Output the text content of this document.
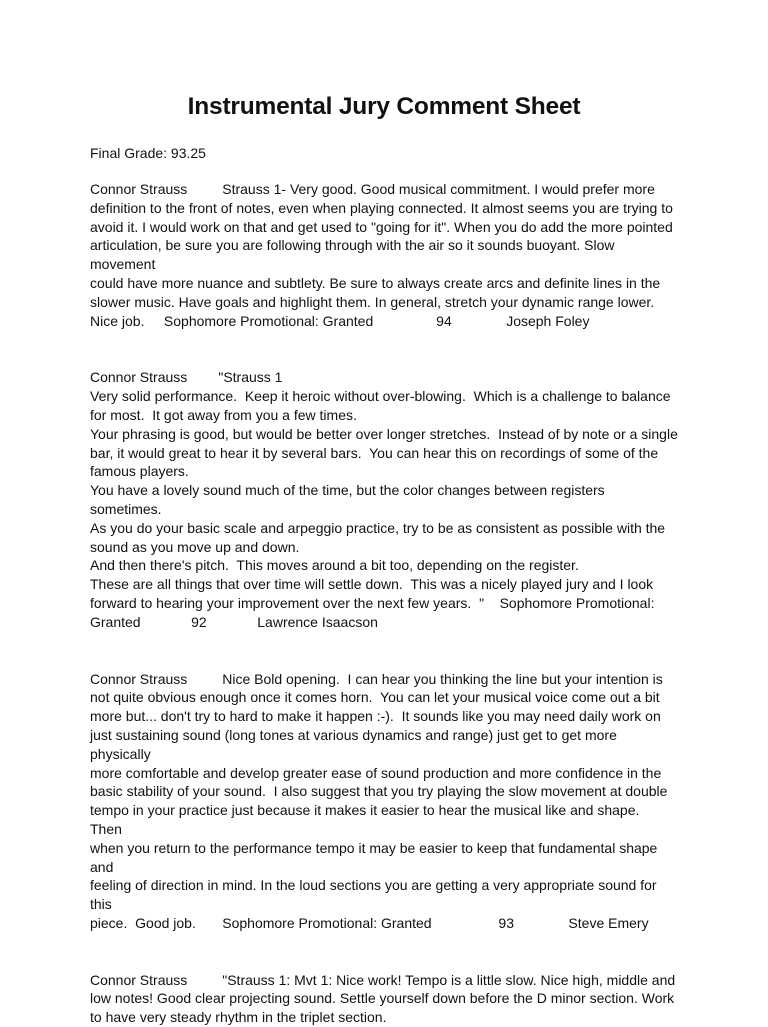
Instrumental Jury Comment Sheet

Final Grade: 93.25

Connor Strauss	Strauss 1- Very good. Good musical commitment. I would prefer more
definition to the front of notes, even when playing connected. It almost seems you are trying to
avoid it. I would work on that and get used to "going for it". When you do add the more pointed
articulation, be sure you are following through with the air so it sounds buoyant. Slow movement
could have more nuance and subtlety. Be sure to always create arcs and definite lines in the
slower music. Have goals and highlight them. In general, stretch your dynamic range lower.
Nice job.	Sophomore Promotional: Granted		94		Joseph Foley

Connor Strauss	"Strauss 1
Very solid performance.  Keep it heroic without over-blowing.  Which is a challenge to balance
for most.  It got away from you a few times.
Your phrasing is good, but would be better over longer stretches.  Instead of by note or a single
bar, it would great to hear it by several bars.  You can hear this on recordings of some of the
famous players.
You have a lovely sound much of the time, but the color changes between registers sometimes.
As you do your basic scale and arpeggio practice, try to be as consistent as possible with the
sound as you move up and down.
And then there's pitch.  This moves around a bit too, depending on the register.
These are all things that over time will settle down.  This was a nicely played jury and I look
forward to hearing your improvement over the next few years.  "    Sophomore Promotional:
Granted		92		Lawrence Isaacson

Connor Strauss	Nice Bold opening.  I can hear you thinking the line but your intention is
not quite obvious enough once it comes horn.  You can let your musical voice come out a bit
more but... don't try to hard to make it happen :-).  It sounds like you may need daily work on
just sustaining sound (long tones at various dynamics and range) just get to get more physically
more comfortable and develop greater ease of sound production and more confidence in the
basic stability of your sound.  I also suggest that you try playing the slow movement at double
tempo in your practice just because it makes it easier to hear the musical like and shape.  Then
when you return to the performance tempo it may be easier to keep that fundamental shape and
feeling of direction in mind. In the loud sections you are getting a very appropriate sound for this
piece.  Good job.	Sophomore Promotional: Granted		93		Steve Emery

Connor Strauss	"Strauss 1: Mvt 1: Nice work! Tempo is a little slow. Nice high, middle and
low notes! Good clear projecting sound. Settle yourself down before the D minor section. Work
to have very steady rhythm in the triplet section.
